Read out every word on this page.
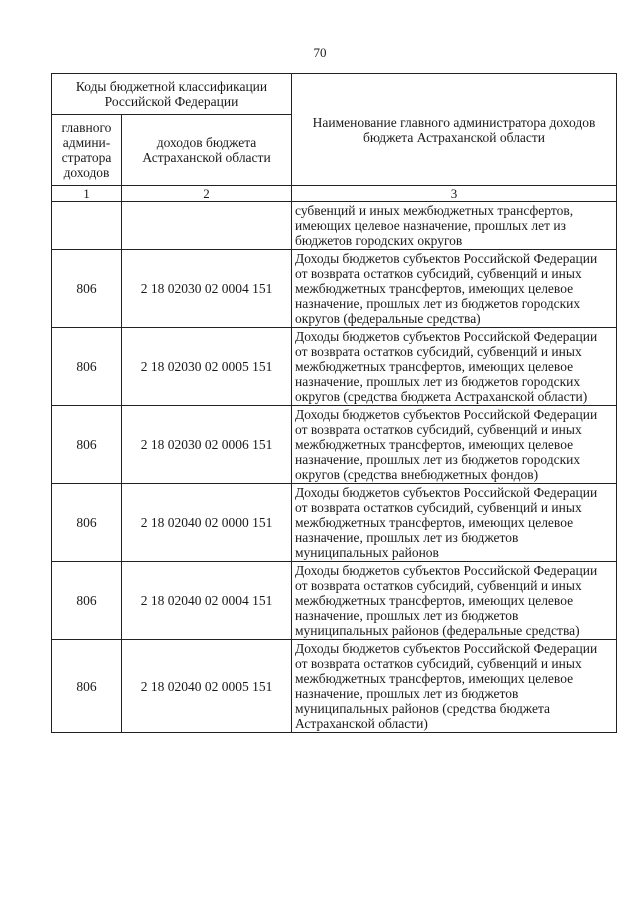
70
Коды бюджетной классификации Российской Федерации		Наименование главного администратора доходов бюджета Астраханской области
главного админи-стратора доходов	доходов бюджета Астраханской области	
1	2	3
		субвенций и иных межбюджетных трансфертов, имеющих целевое назначение, прошлых лет из бюджетов городских округов
806	2 18 02030 02 0004 151	Доходы бюджетов субъектов Российской Федерации от возврата остатков субсидий, субвенций и иных межбюджетных трансфертов, имеющих целевое назначение, прошлых лет из бюджетов городских округов (федеральные средства)
806	2 18 02030 02 0005 151	Доходы бюджетов субъектов Российской Федерации от возврата остатков субсидий, субвенций и иных межбюджетных трансфертов, имеющих целевое назначение, прошлых лет из бюджетов городских округов (средства бюджета Астраханской области)
806	2 18 02030 02 0006 151	Доходы бюджетов субъектов Российской Федерации от возврата остатков субсидий, субвенций и иных межбюджетных трансфертов, имеющих целевое назначение, прошлых лет из бюджетов городских округов (средства внебюджетных фондов)
806	2 18 02040 02 0000 151	Доходы бюджетов субъектов Российской Федерации от возврата остатков субсидий, субвенций и иных межбюджетных трансфертов, имеющих целевое назначение, прошлых лет из бюджетов муниципальных районов
806	2 18 02040 02 0004 151	Доходы бюджетов субъектов Российской Федерации от возврата остатков субсидий, субвенций и иных межбюджетных трансфертов, имеющих целевое назначение, прошлых лет из бюджетов муниципальных районов (федеральные средства)
806	2 18 02040 02 0005 151	Доходы бюджетов субъектов Российской Федерации от возврата остатков субсидий, субвенций и иных межбюджетных трансфертов, имеющих целевое назначение, прошлых лет из бюджетов муниципальных районов (средства бюджета Астраханской области)
